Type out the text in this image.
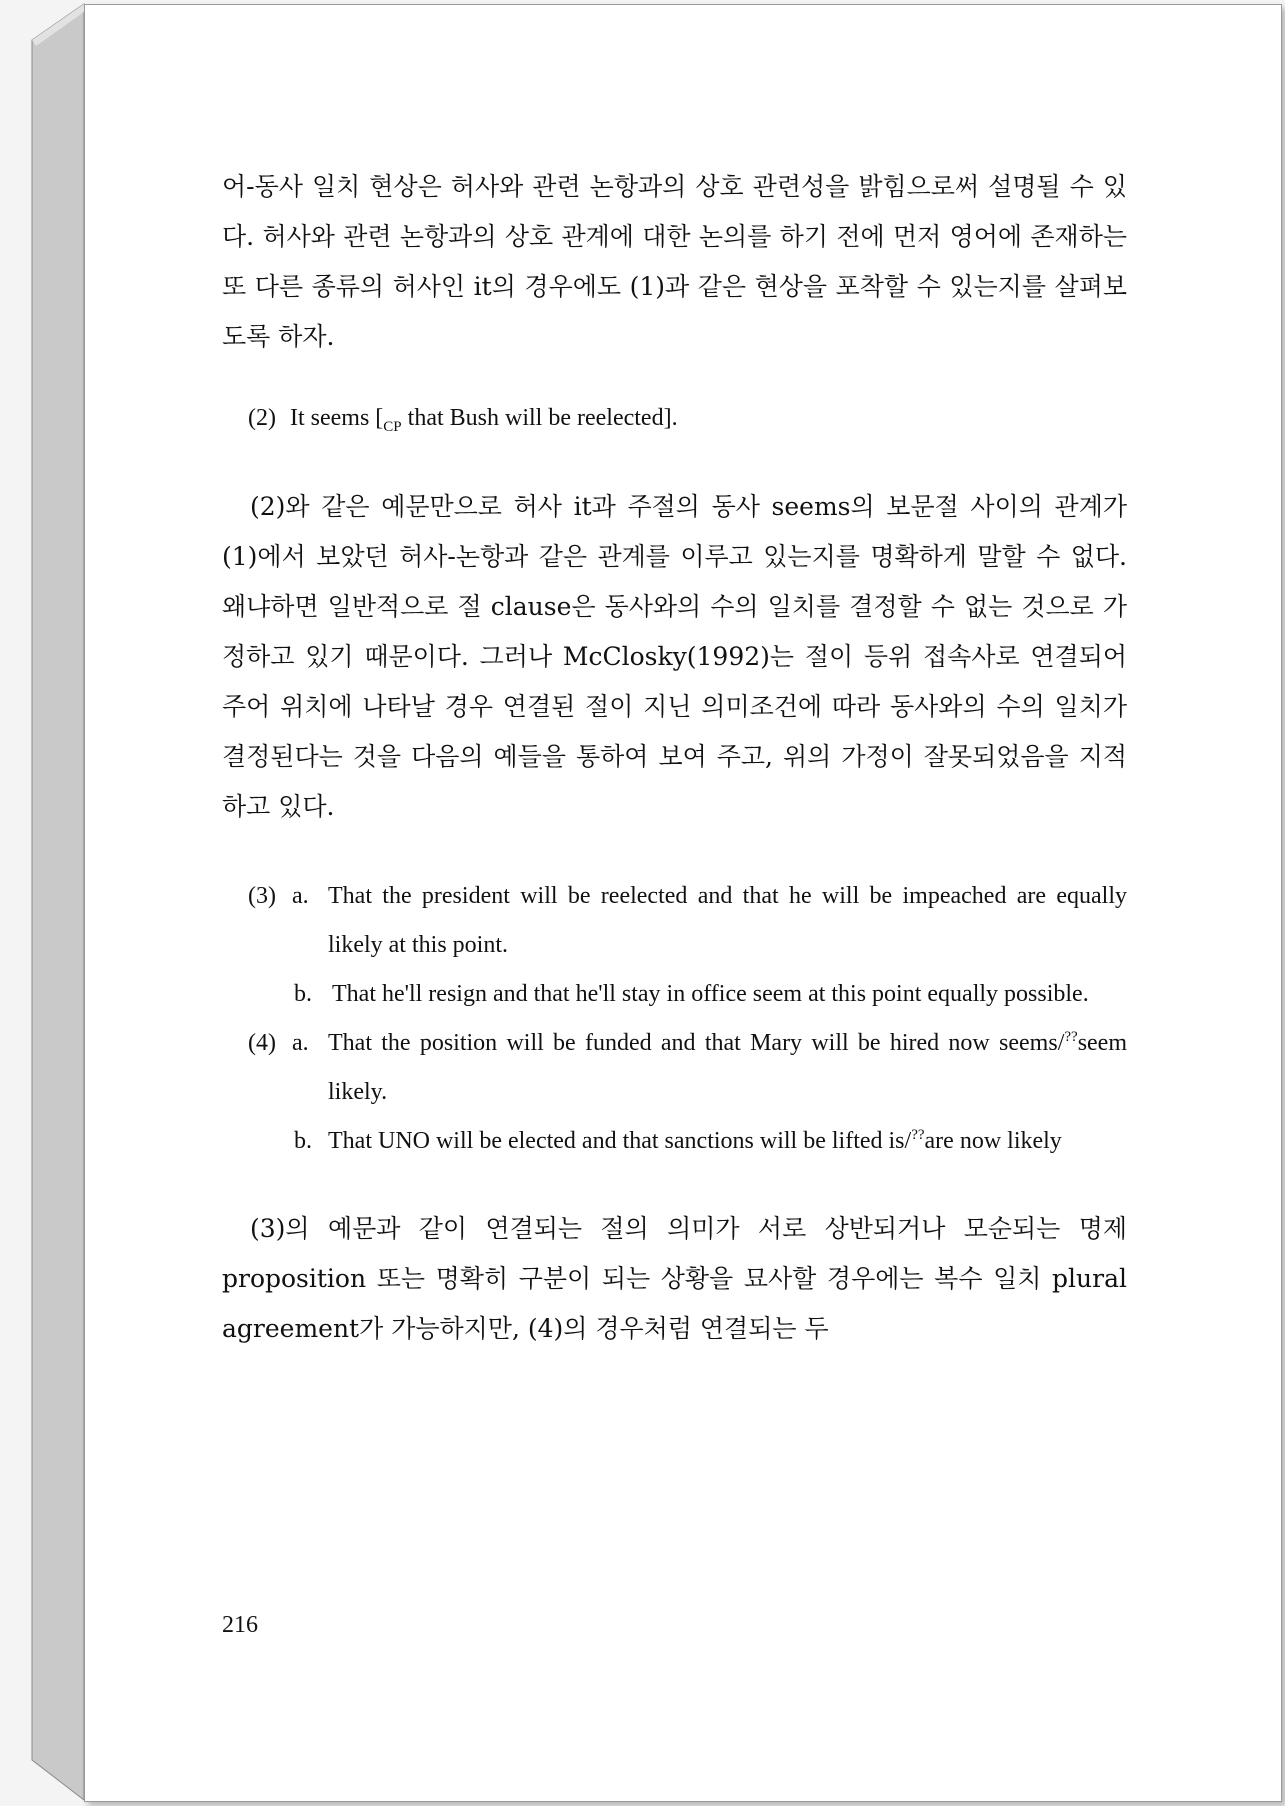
어-동사 일치 현상은 허사와 관련 논항과의 상호 관련성을 밝힘으로써 설명될 수 있다. 허사와 관련 논항과의 상호 관계에 대한 논의를 하기 전에 먼저 영어에 존재하는 또 다른 종류의 허사인 it의 경우에도 (1)과 같은 현상을 포착할 수 있는지를 살펴보도록 하자.

(2) It seems [$_{CP}$ that Bush will be reelected].

(2)와 같은 예문만으로 허사 it과 주절의 동사 seems의 보문절 사이의 관계가 (1)에서 보았던 허사-논항과 같은 관계를 이루고 있는지를 명확하게 말할 수 없다. 왜냐하면 일반적으로 절 clause은 동사와의 수의 일치를 결정할 수 없는 것으로 가정하고 있기 때문이다. 그러나 McClosky(1992)는 절이 등위 접속사로 연결되어 주어 위치에 나타날 경우 연결된 절이 지닌 의미조건에 따라 동사와의 수의 일치가 결정된다는 것을 다음의 예들을 통하여 보여 주고, 위의 가정이 잘못되었음을 지적하고 있다.

(3) a. That the president will be reelected and that he will be impeached are equally likely at this point.
b. That he'll resign and that he'll stay in office seem at this point equally possible.
(4) a. That the position will be funded and that Mary will be hired now seems/??seem likely.
b. That UNO will be elected and that sanctions will be lifted is/??are now likely

(3)의 예문과 같이 연결되는 절의 의미가 서로 상반되거나 모순되는 명제 proposition 또는 명확히 구분이 되는 상황을 묘사할 경우에는 복수 일치 plural agreement가 가능하지만, (4)의 경우처럼 연결되는 두

216
